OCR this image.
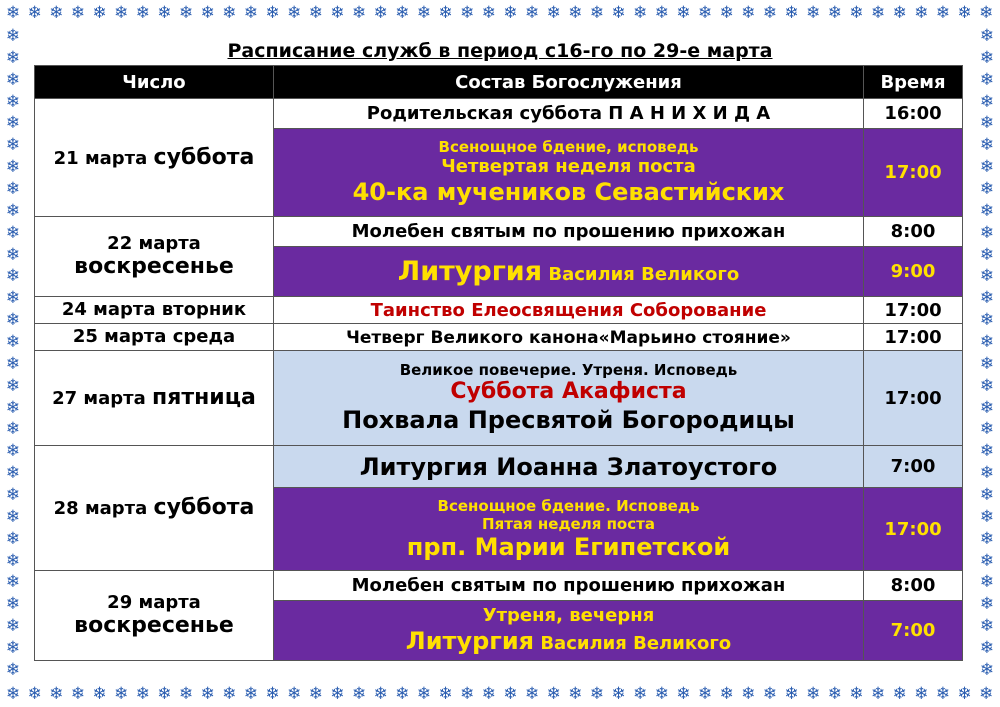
❄ ❄ ❄ ❄ ❄ ❄ ❄ ❄ ❄ ❄ ❄ ❄ ❄ ❄ ❄ ❄ ❄ ❄ ❄ ❄ ❄ ❄ ❄ ❄ ❄ ❄ ❄ ❄ ❄ ❄ ❄ ❄ ❄ ❄ ❄ ❄ ❄ ❄ ❄ ❄ ❄ ❄ ❄ ❄ ❄ ❄
❄ ❄ ❄ ❄ ❄ ❄ ❄ ❄ ❄ ❄ ❄ ❄ ❄ ❄ ❄ ❄ ❄ ❄ ❄ ❄ ❄ ❄ ❄ ❄ ❄ ❄ ❄ ❄ ❄ ❄ ❄ ❄ ❄ ❄ ❄ ❄ ❄ ❄ ❄ ❄ ❄ ❄ ❄ ❄ ❄ ❄
❄
❄
❄
❄
❄
❄
❄
❄
❄
❄
❄
❄
❄
❄
❄
❄
❄
❄
❄
❄
❄
❄
❄
❄
❄
❄
❄
❄
❄
❄
❄
❄
❄
❄
❄
❄
❄
❄
❄
❄
❄
❄
❄
❄
❄
❄
❄
❄
❄
❄
❄
❄
❄
❄
❄
❄
❄
❄
❄
❄
Расписание служб в период с16-го по 29-е марта
Число	Состав Богослужения	Время
21 марта суббота	Родительская суббота П А Н И Х И Д А	16:00

	Всенощное бдение, исповедь
Четвертая неделя поста
40-ка мучеников Севастийских	17:00

22 марта
воскресенье	Молебен святым по прошению прихожан	8:00
	Литургия Василия Великого	9:00
24 марта вторник	Таинство Елеосвящения Соборование	17:00
25 марта среда	Четверг Великого канона«Марьино стояние»	17:00
27 марта пятница	Великое повечерие. Утреня. Исповедь
Суббота Акафиста
Похвала Пресвятой Богородицы	17:00
28 марта суббота	Литургия Иоанна Златоустого	7:00

	Всенощное бдение. Исповедь
Пятая неделя поста
прп. Марии Египетской	17:00

29 марта
воскресенье	Молебен святым по прошению прихожан	8:00

	Утреня, вечерня
Литургия Василия Великого	7:00
